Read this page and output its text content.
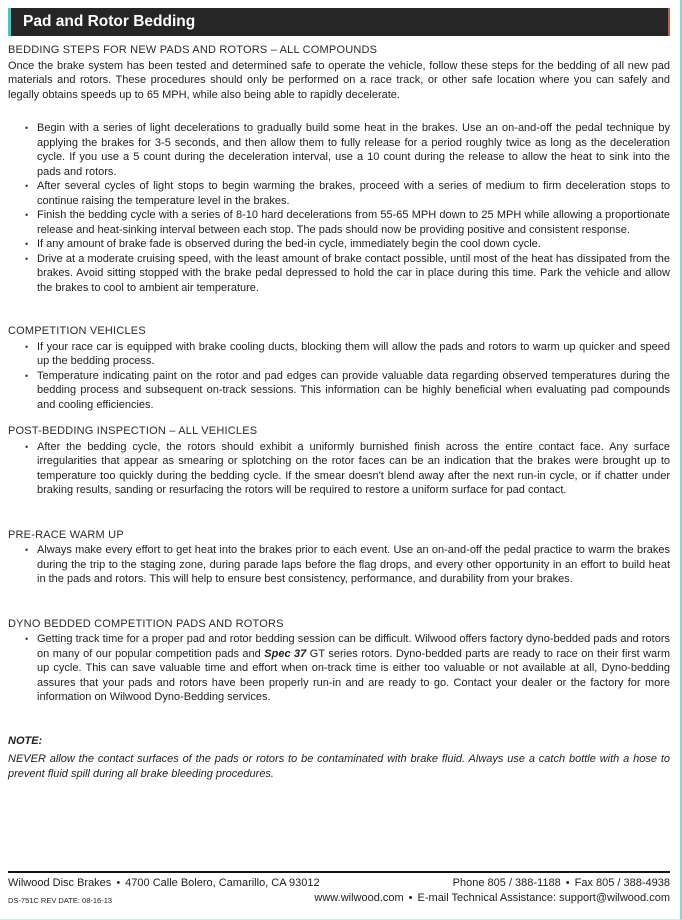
Pad and Rotor Bedding
BEDDING STEPS FOR NEW PADS AND ROTORS – ALL COMPOUNDS

Once the brake system has been tested and determined safe to operate the vehicle, follow these steps for the bedding of all new pad materials and rotors. These procedures should only be performed on a race track, or other safe location where you can safely and legally obtains speeds up to 65 MPH, while also being able to rapidly decelerate.

• Begin with a series of light decelerations to gradually build some heat in the brakes. Use an on-and-off the pedal technique by applying the brakes for 3-5 seconds, and then allow them to fully release for a period roughly twice as long as the deceleration cycle. If you use a 5 count during the deceleration interval, use a 10 count during the release to allow the heat to sink into the pads and rotors.
• After several cycles of light stops to begin warming the brakes, proceed with a series of medium to firm deceleration stops to continue raising the temperature level in the brakes.
• Finish the bedding cycle with a series of 8-10 hard decelerations from 55-65 MPH down to 25 MPH while allowing a proportionate release and heat-sinking interval between each stop. The pads should now be providing positive and consistent response.
• If any amount of brake fade is observed during the bed-in cycle, immediately begin the cool down cycle.
• Drive at a moderate cruising speed, with the least amount of brake contact possible, until most of the heat has dissipated from the brakes. Avoid sitting stopped with the brake pedal depressed to hold the car in place during this time. Park the vehicle and allow the brakes to cool to ambient air temperature.
COMPETITION VEHICLES
• If your race car is equipped with brake cooling ducts, blocking them will allow the pads and rotors to warm up quicker and speed up the bedding process.
• Temperature indicating paint on the rotor and pad edges can provide valuable data regarding observed temperatures during the bedding process and subsequent on-track sessions. This information can be highly beneficial when evaluating pad compounds and cooling efficiencies.
POST-BEDDING INSPECTION – ALL VEHICLES
• After the bedding cycle, the rotors should exhibit a uniformly burnished finish across the entire contact face. Any surface irregularities that appear as smearing or splotching on the rotor faces can be an indication that the brakes were brought up to temperature too quickly during the bedding cycle. If the smear doesn't blend away after the next run-in cycle, or if chatter under braking results, sanding or resurfacing the rotors will be required to restore a uniform surface for pad contact.
PRE-RACE WARM UP
• Always make every effort to get heat into the brakes prior to each event. Use an on-and-off the pedal practice to warm the brakes during the trip to the staging zone, during parade laps before the flag drops, and every other opportunity in an effort to build heat in the pads and rotors. This will help to ensure best consistency, performance, and durability from your brakes.
DYNO BEDDED COMPETITION PADS AND ROTORS
• Getting track time for a proper pad and rotor bedding session can be difficult. Wilwood offers factory dyno-bedded pads and rotors on many of our popular competition pads and Spec 37 GT series rotors. Dyno-bedded parts are ready to race on their first warm up cycle. This can save valuable time and effort when on-track time is either too valuable or not available at all, Dyno-bedding assures that your pads and rotors have been properly run-in and are ready to go. Contact your dealer or the factory for more information on Wilwood Dyno-Bedding services.

NOTE:

NEVER allow the contact surfaces of the pads or rotors to be contaminated with brake fluid. Always use a catch bottle with a hose to prevent fluid spill during all brake bleeding procedures.

Wilwood Disc Brakes • 4700 Calle Bolero, Camarillo, CA 93012	Phone 805 / 388-1188 • Fax 805 / 388-4938
DS-751C REV DATE: 08-16-13	www.wilwood.com • E-mail Technical Assistance: support@wilwood.com
